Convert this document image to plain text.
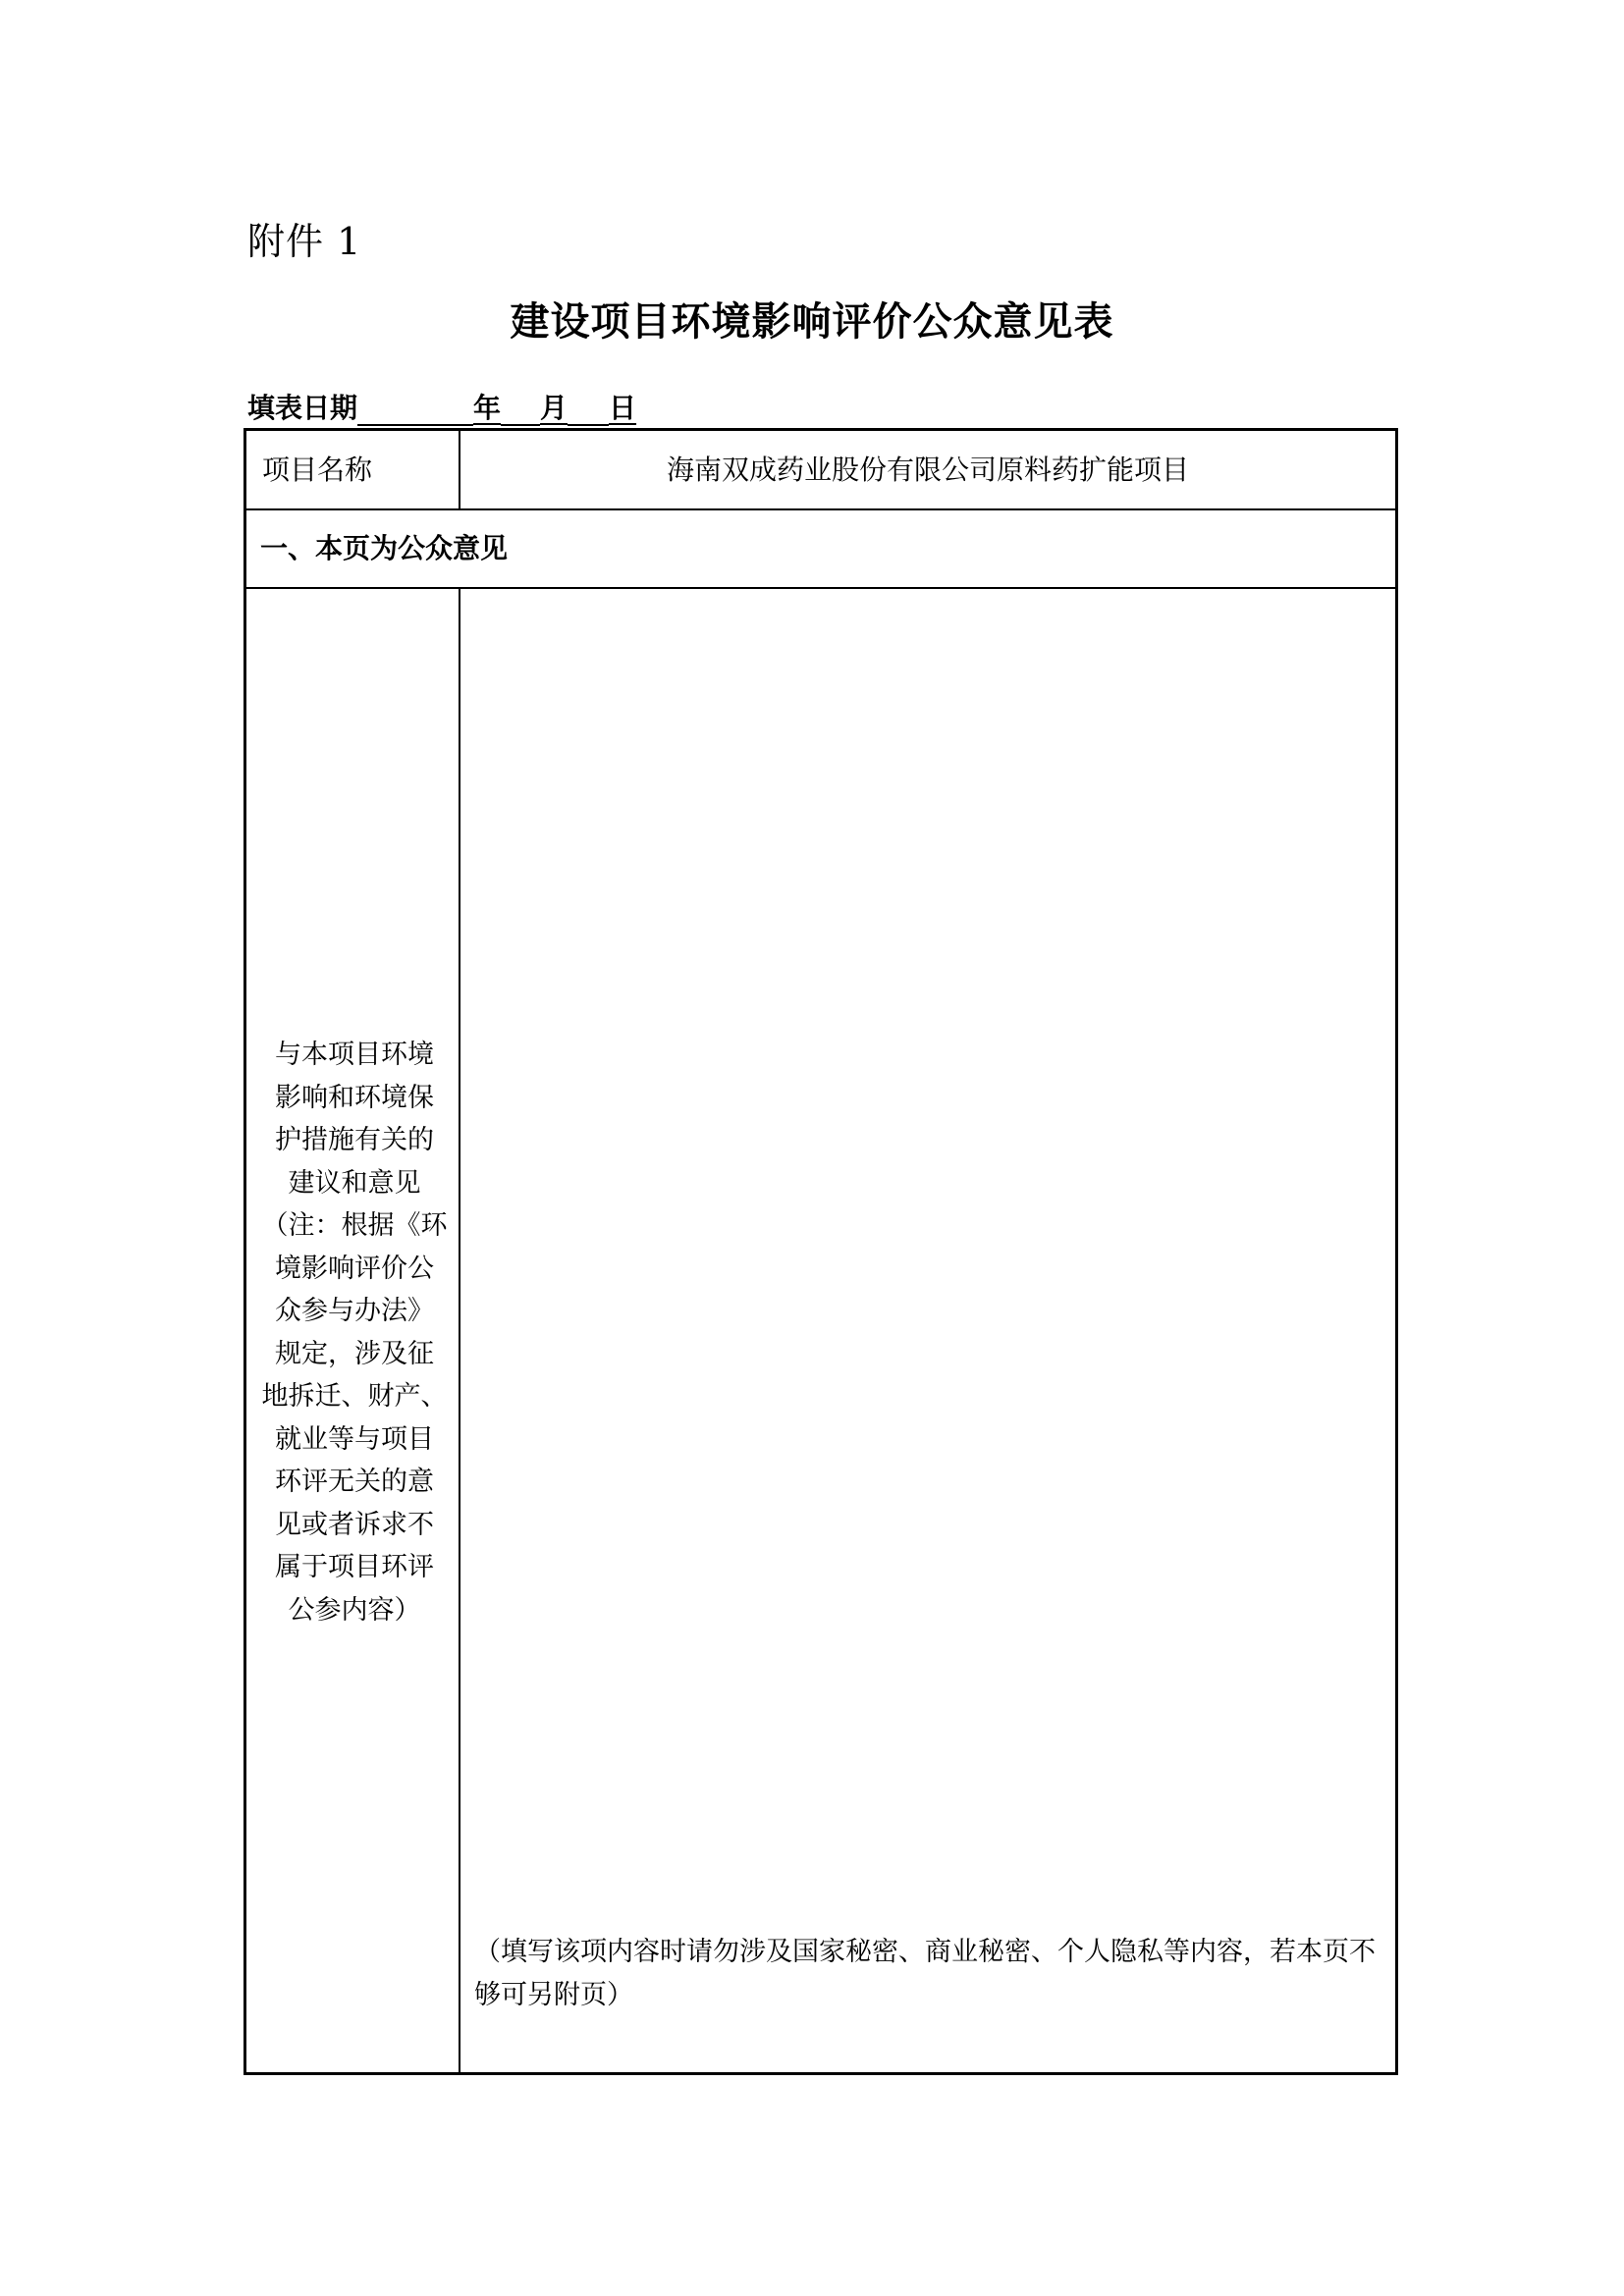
附件 1
建设项目环境影响评价公众意见表
填表日期	年 月 日
项目名称	海南双成药业股份有限公司原料药扩能项目
一、本页为公众意见
与本项目环境
影响和环境保
护措施有关的
建议和意见
（注：根据《环
境影响评价公
众参与办法》
规定，涉及征
地拆迁、财产、
就业等与项目
环评无关的意
见或者诉求不
属于项目环评
公参内容）
（填写该项内容时请勿涉及国家秘密、商业秘密、个人隐私等内容，若本页不够可另附页）
